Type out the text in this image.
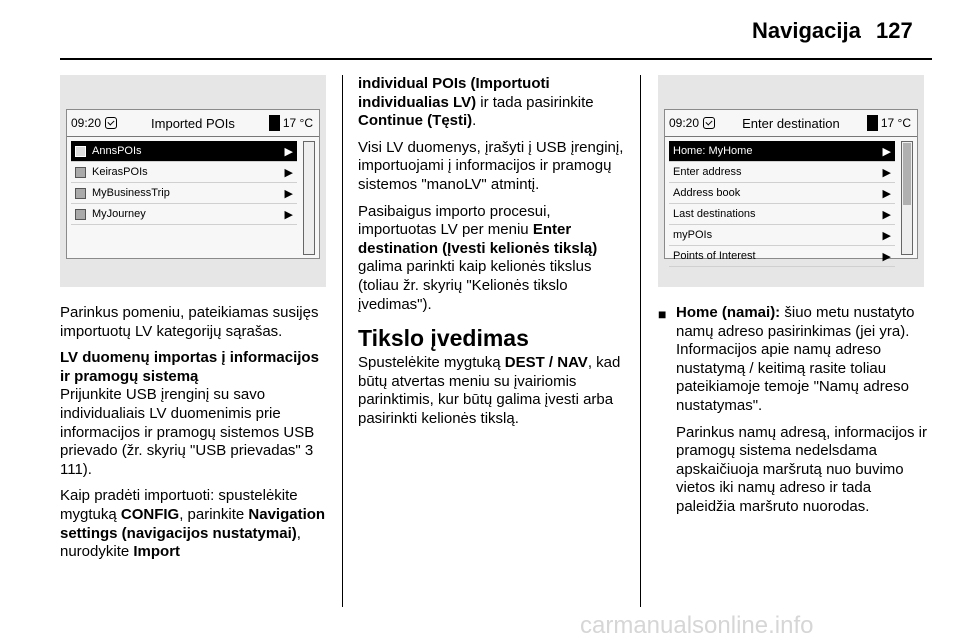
Navigacija 127
09:20	Imported POIs	17 °C
AnnsPOIs	▶
KeirasPOIs	▶
MyBusinessTrip	▶
MyJourney	▶
09:20	Enter destination	17 °C
Home: MyHome	▶
Enter address	▶
Address book	▶
Last destinations	▶
myPOIs	▶
Points of Interest	▶

Parinkus pomeniu, pateikiamas susijęs importuotų LV kategorijų sąrašas.

LV duomenų importas į informacijos ir pramogų sistemą

Prijunkite USB įrenginį su savo individualiais LV duomenimis prie informacijos ir pramogų sistemos USB prievado (žr. skyrių "USB prievadas" 3 111).

Kaip pradėti importuoti: spustelėkite mygtuką CONFIG, parinkite Navigation settings (navigacijos nustatymai), nurodykite Import

individual POIs (Importuoti individualias LV) ir tada pasirinkite Continue (Tęsti).

Visi LV duomenys, įrašyti į USB įrenginį, importuojami į informacijos ir pramogų sistemos "manoLV" atmintį.

Pasibaigus importo procesui, importuotas LV per meniu Enter destination (Įvesti kelionės tikslą) galima parinkti kaip kelionės tikslus (toliau žr. skyrių "Kelionės tikslo įvedimas").

Tikslo įvedimas

Spustelėkite mygtuką DEST / NAV, kad būtų atvertas meniu su įvairiomis parinktimis, kur būtų galima įvesti arba pasirinkti kelionės tikslą.

■ Home (namai): šiuo metu nustatyto namų adreso pasirinkimas (jei yra). Informacijos apie namų adreso nustatymą / keitimą rasite toliau pateikiamoje temoje "Namų adreso nustatymas".

Parinkus namų adresą, informacijos ir pramogų sistema nedelsdama apskaičiuoja maršrutą nuo buvimo vietos iki namų adreso ir tada paleidžia maršruto nuorodas.

carmanualsonline.info
